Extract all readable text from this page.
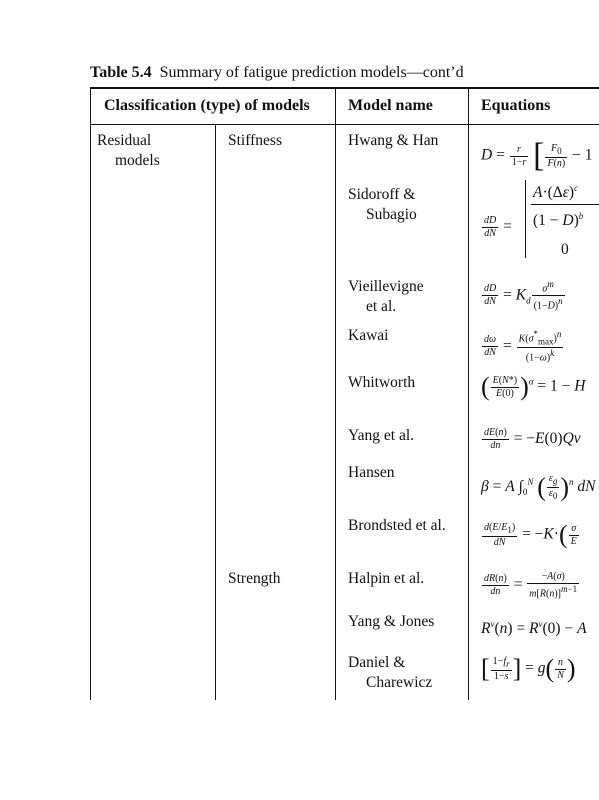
Table 5.4 Summary of fatigue prediction models—cont’d
Classification (type) of models Model name	Equations
Residual
models
Stiffness
Strength
Hwang & Han
Sidoroff &
Subagio
Vieillevigne
et al.
Kawai
Whitworth
Yang et al.
Hansen
Brondsted et al.
Halpin et al.
Yang & Jones
Daniel &
Charewicz
$D = \frac{r}{1-r}$ [ $\frac{F_0}{F(n)} - 1$
$\frac{dD}{dN}$ =
$A\cdot(\Delta\varepsilon)^c$
$(1 - D)^b$
0
$\frac{dD}{dN} = K_d \frac{\sigma^m}{(1-D)^n}$
$\frac{d\omega}{dN} = \frac{K(\sigma^*_{max})^n}{(1-\omega)^k}$
( $\frac{E(N*)}{E(0)} )^\alpha = 1 - H$
$\frac{dE(n)}{dn} = -E(0)Qv$
β = A $\int_0^N$ ( $\frac{\varepsilon_g}{\varepsilon_0} )^n$ dN
$\frac{d(E/E_1)}{dN} = -K\cdot( \frac{\sigma}{E}$
$\frac{dR(n)}{dn} = \frac{-A(\sigma)}{m[R(n)]^{m-1}}$
$R^v(n) = R^v(0) - A$
[ $\frac{1-f_r}{1-s}$ ] = $g( \frac{n}{N}$ )
